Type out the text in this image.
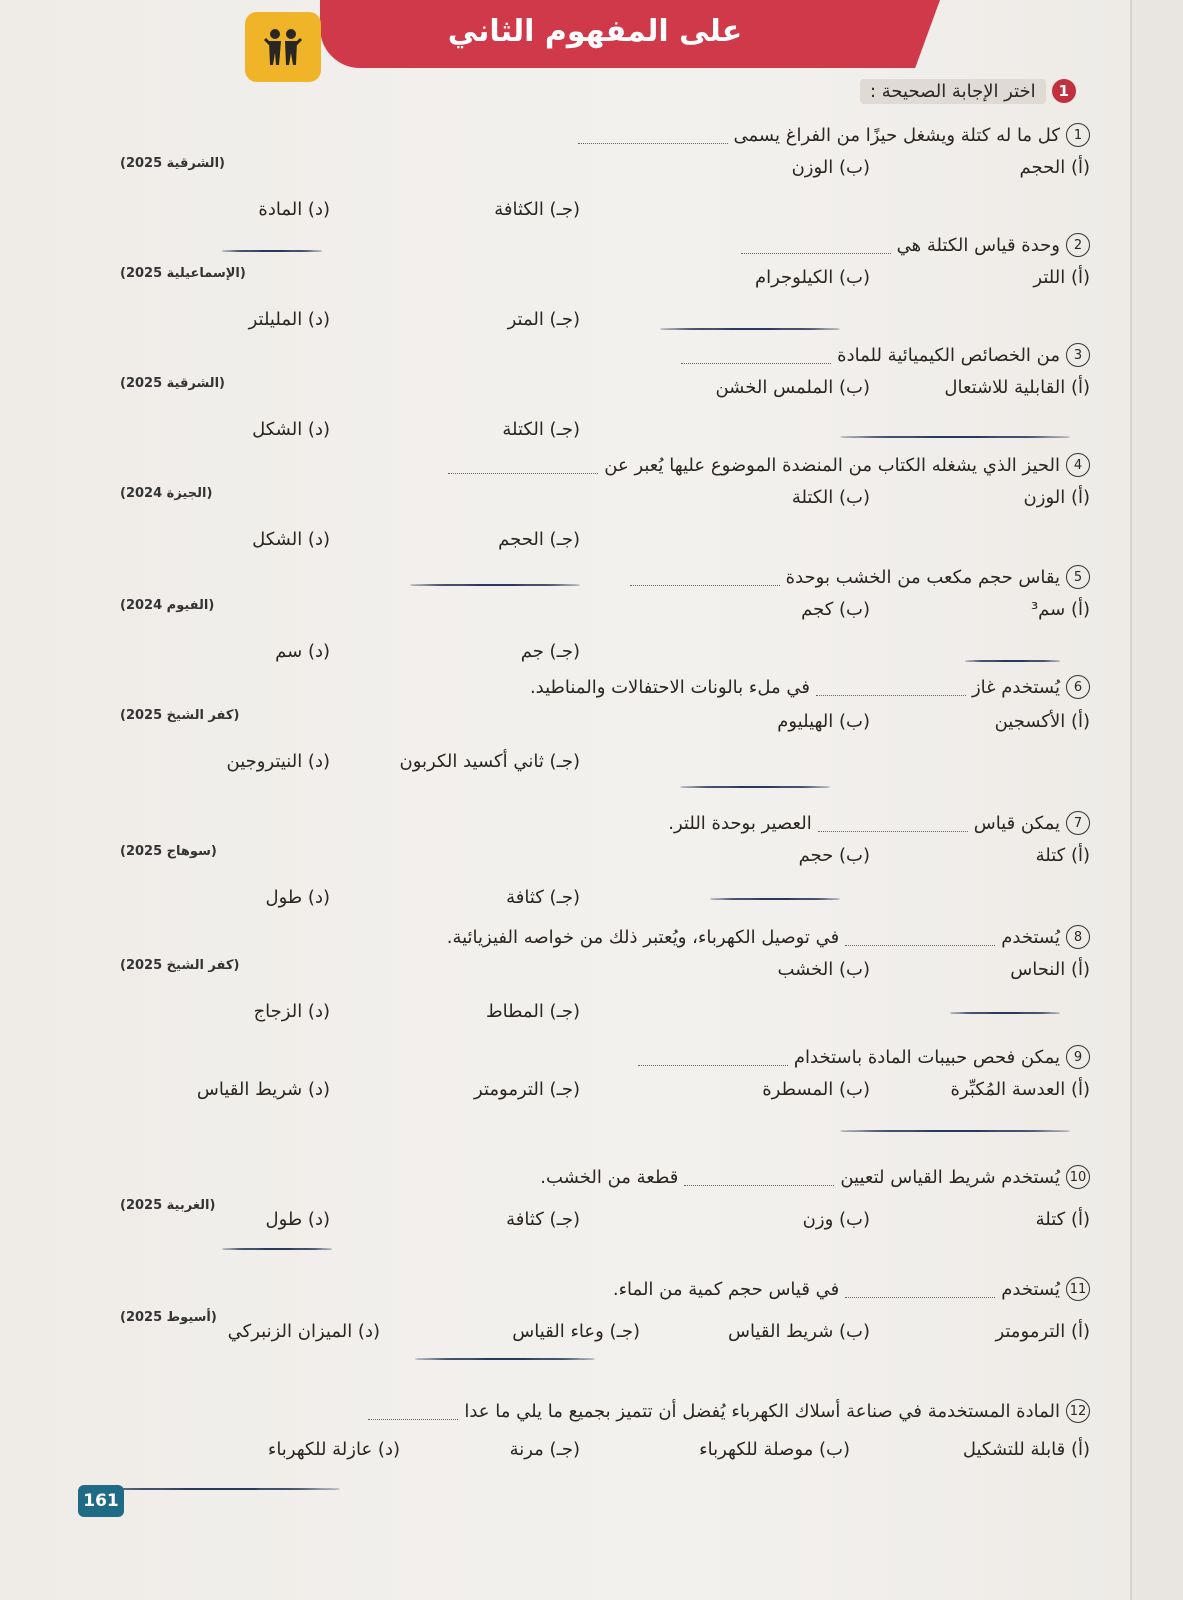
على المفهوم الثاني
1
اختر الإجابة الصحيحة :
1
كل ما له كتلة ويشغل حيزًا من الفراغ يسمى
(الشرقية 2025)	(أ) الحجم
(ب) الوزن
(جـ) الكثافة
(د) المادة
2
وحدة قياس الكتلة هي
(الإسماعيلية 2025)	(أ) اللتر
(ب) الكيلوجرام
(جـ) المتر
(د) المليلتر
3
من الخصائص الكيميائية للمادة
(الشرقية 2025)	(أ) القابلية للاشتعال
(ب) الملمس الخشن
(جـ) الكتلة
(د) الشكل
4
الحيز الذي يشغله الكتاب من المنضدة الموضوع عليها يُعبر عن
(الجيزة 2024)	(أ) الوزن
(ب) الكتلة
(جـ) الحجم
(د) الشكل
5
يقاس حجم مكعب من الخشب بوحدة
(الفيوم 2024)	(أ) سم³
(ب) كجم
(جـ) جم
(د) سم
6
يُستخدم غاز
في ملء بالونات الاحتفالات والمناطيد.
(كفر الشيخ 2025)	(أ) الأكسجين
(ب) الهيليوم
(جـ) ثاني أكسيد الكربون
(د) النيتروجين
7
يمكن قياس
العصير بوحدة اللتر.
(سوهاج 2025)	(أ) كتلة
(ب) حجم
(جـ) كثافة
(د) طول
8
يُستخدم
في توصيل الكهرباء، ويُعتبر ذلك من خواصه الفيزيائية.
(كفر الشيخ 2025)	(أ) النحاس
(ب) الخشب
(جـ) المطاط
(د) الزجاج
9
يمكن فحص حبيبات المادة باستخدام
(أ) العدسة المُكبِّرة
(ب) المسطرة
(جـ) الترمومتر
(د) شريط القياس
10
يُستخدم شريط القياس لتعيين
قطعة من الخشب.
(الغربية 2025)
(أ) كتلة
(ب) وزن
(جـ) كثافة
(د) طول
11
يُستخدم
في قياس حجم كمية من الماء.
(أسيوط 2025)
(أ) الترمومتر
(ب) شريط القياس
(جـ) وعاء القياس
(د) الميزان الزنبركي
12
المادة المستخدمة في صناعة أسلاك الكهرباء يُفضل أن تتميز بجميع ما يلي ما عدا
(أ) قابلة للتشكيل
(ب) موصلة للكهرباء
(جـ) مرنة
(د) عازلة للكهرباء
161
